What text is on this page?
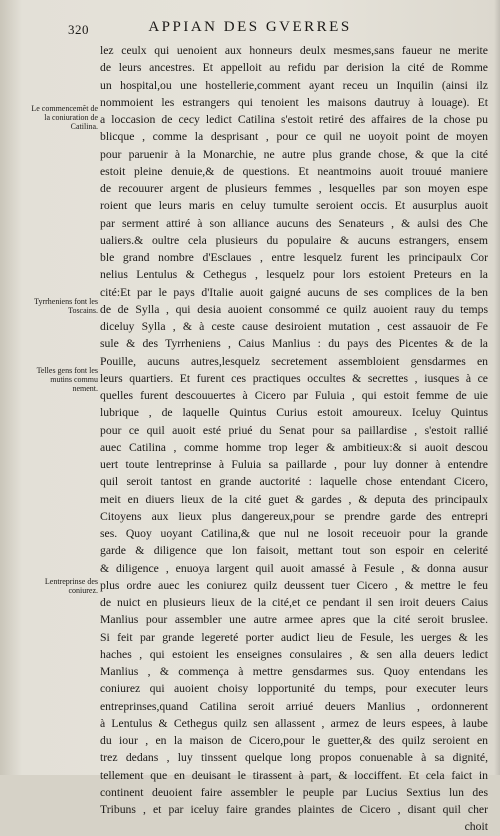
320	APPIAN DES GVERRES
Le commencemẽt de la coniuration de Catilina.
Tyrrheniens font les Toscains.
Telles gens font les mutins commu nement.
Lentreprinse des coniurez.
lez ceulx qui uenoient aux honneurs deulx mesmes,sans faueur ne merite
de leurs ancestres. Et appelloit au refidu par derision la cité de Romme
un hospital,ou une hostellerie,comment ayant receu un Inquilin (ainsi ilz
nommoient les estrangers qui tenoient les maisons dautruy à louage). Et
a loccasion de cecy ledict Catilina s'estoit retiré des affaires de la chose pu
blicque , comme la desprisant , pour ce quil ne uoyoit point de moyen
pour paruenir à la Monarchie, ne autre plus grande chose, & que la cité
estoit pleine denuie,& de questions. Et neantmoins auoit trouué maniere
de recouurer argent de plusieurs femmes , lesquelles par son moyen espe
roient que leurs maris en celuy tumulte seroient occis. Et ausurplus auoit
par serment attiré à son alliance aucuns des Senateurs , & aulsi des Che
ualiers.& oultre cela plusieurs du populaire & aucuns estrangers, ensem
ble grand nombre d'Esclaues , entre lesquelz furent les principaulx Cor
nelius Lentulus & Cethegus , lesquelz pour lors estoient Preteurs en la
cité:Et par le pays d'Italie auoit gaigné aucuns de ses complices de la ben
de de Sylla , qui desia auoient consommé ce quilz auoient rauy du temps
diceluy Sylla , & à ceste cause desiroient mutation , cest assauoir de Fe
sule & des Tyrrheniens , Caius Manlius : du pays des Picentes & de la
Pouille, aucuns autres,lesquelz secretement assembloient gensdarmes en
leurs quartiers. Et furent ces practiques occultes & secrettes , iusques à ce
quelles furent descouuertes à Cicero par Fuluia , qui estoit femme de uie
lubrique , de laquelle Quintus Curius estoit amoureux. Iceluy Quintus
pour ce quil auoit esté priué du Senat pour sa paillardise , s'estoit rallié
auec Catilina , comme homme trop leger & ambitieux:& si auoit descou
uert toute lentreprinse à Fuluia sa paillarde , pour luy donner à entendre
quil seroit tantost en grande auctorité : laquelle chose entendant Cicero,
meit en diuers lieux de la cité guet & gardes , & deputa des principaulx
Citoyens aux lieux plus dangereux,pour se prendre garde des entrepri
ses. Quoy uoyant Catilina,& que nul ne losoit receuoir pour la grande
garde & diligence que lon faisoit, mettant tout son espoir en celerité
& diligence , enuoya largent quil auoit amassé à Fesule , & donna ausur
plus ordre auec les coniurez quilz deussent tuer Cicero , & mettre le feu
de nuict en plusieurs lieux de la cité,et ce pendant il sen iroit deuers Caius
Manlius pour assembler une autre armee apres que la cité seroit bruslee.
Si feit par grande legereté porter audict lieu de Fesule, les uerges & les
haches , qui estoient les enseignes consulaires , & sen alla deuers ledict
Manlius , & commença à mettre gensdarmes sus. Quoy entendans les
coniurez qui auoient choisy lopportunité du temps, pour executer leurs
entreprinses,quand Catilina seroit arriué deuers Manlius , ordonnerent
à Lentulus & Cethegus quilz sen allassent , armez de leurs espees, à laube
du iour , en la maison de Cicero,pour le guetter,& des quilz seroient en
trez dedans , luy tinssent quelque long propos conuenable à sa dignité,
tellement que en deuisant le tirassent à part, & locciffent. Et cela faict in
continent deuoient faire assembler le peuple par Lucius Sextius lun des
Tribuns , et par iceluy faire grandes plaintes de Cicero , disant quil cher
choit
